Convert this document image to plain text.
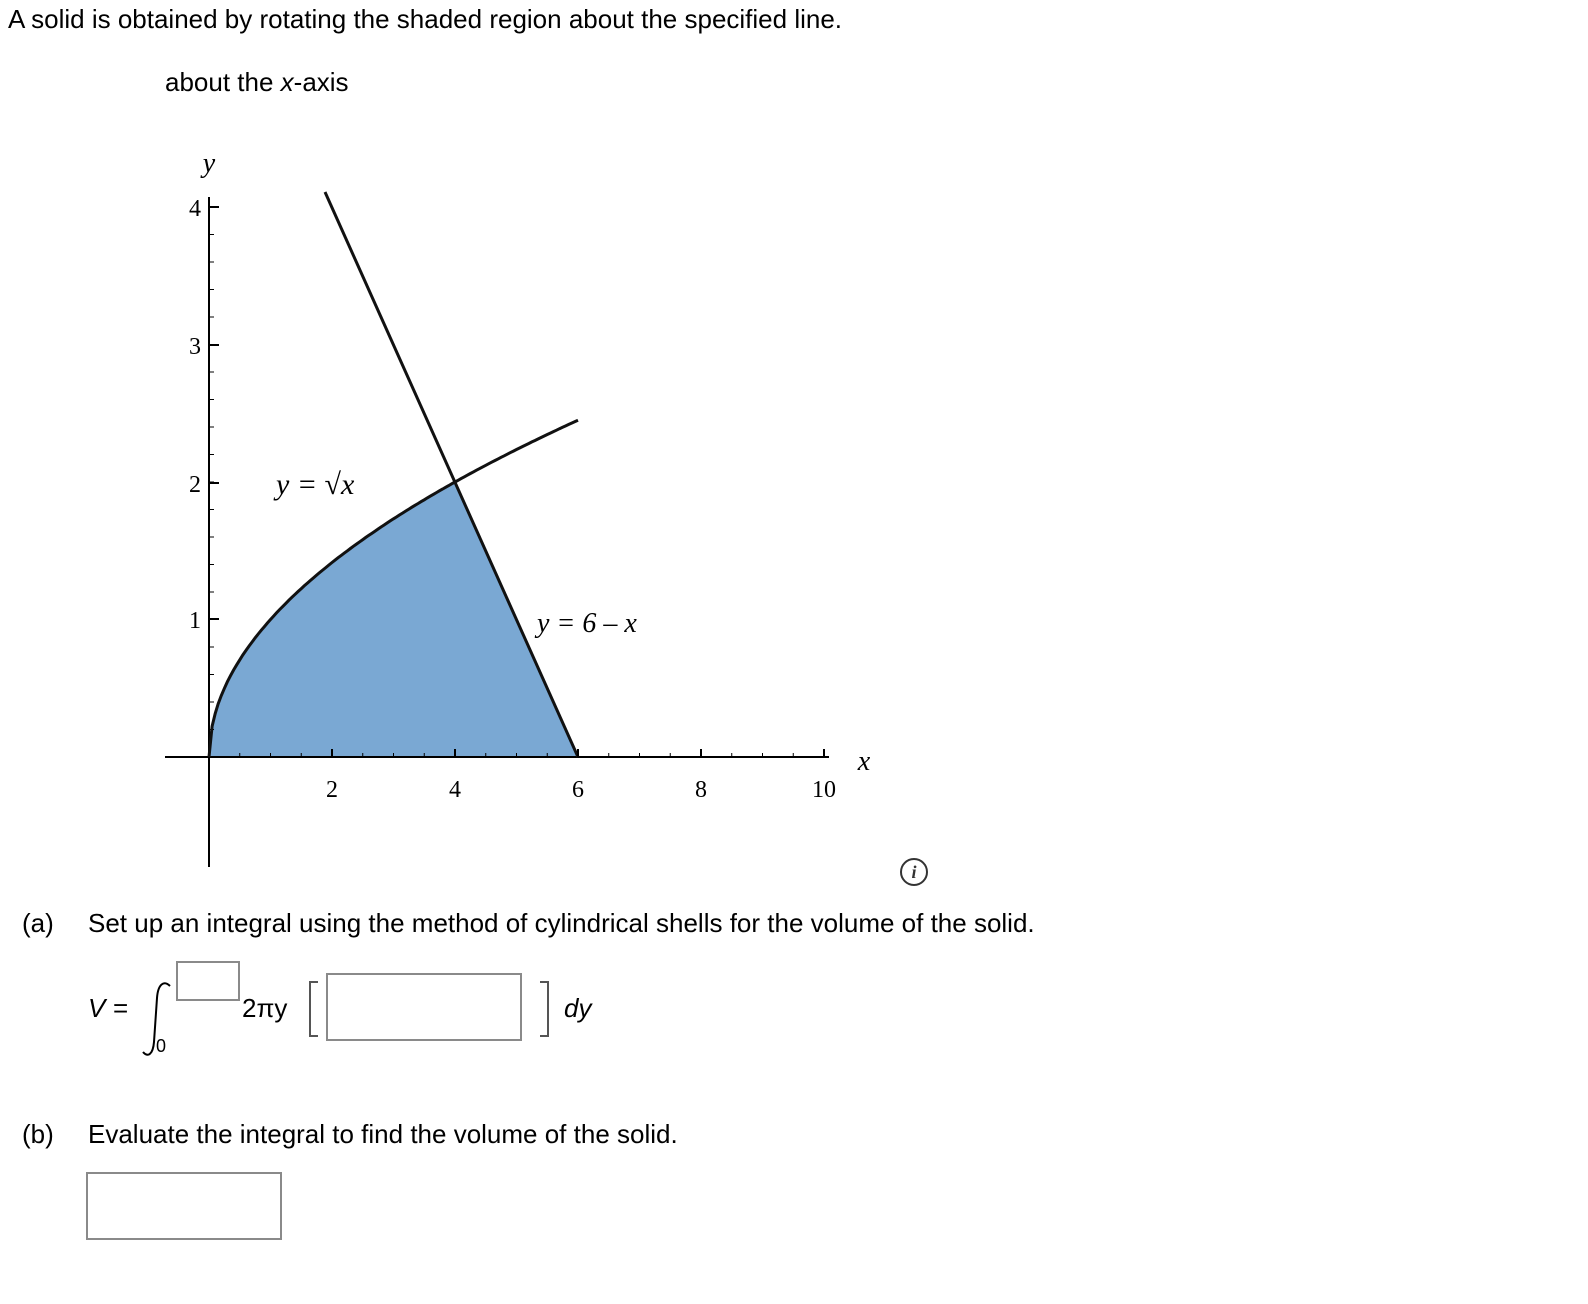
A solid is obtained by rotating the shaded region about the specified line.
about the x-axis
2	4	6	8	10
1
2
3
4
x
y
y = √x
y = 6 – x
i
(a) Set up an integral using the method of cylindrical shells for the volume of the solid.
V =
0
2πy	dy
(b) Evaluate the integral to find the volume of the solid.
